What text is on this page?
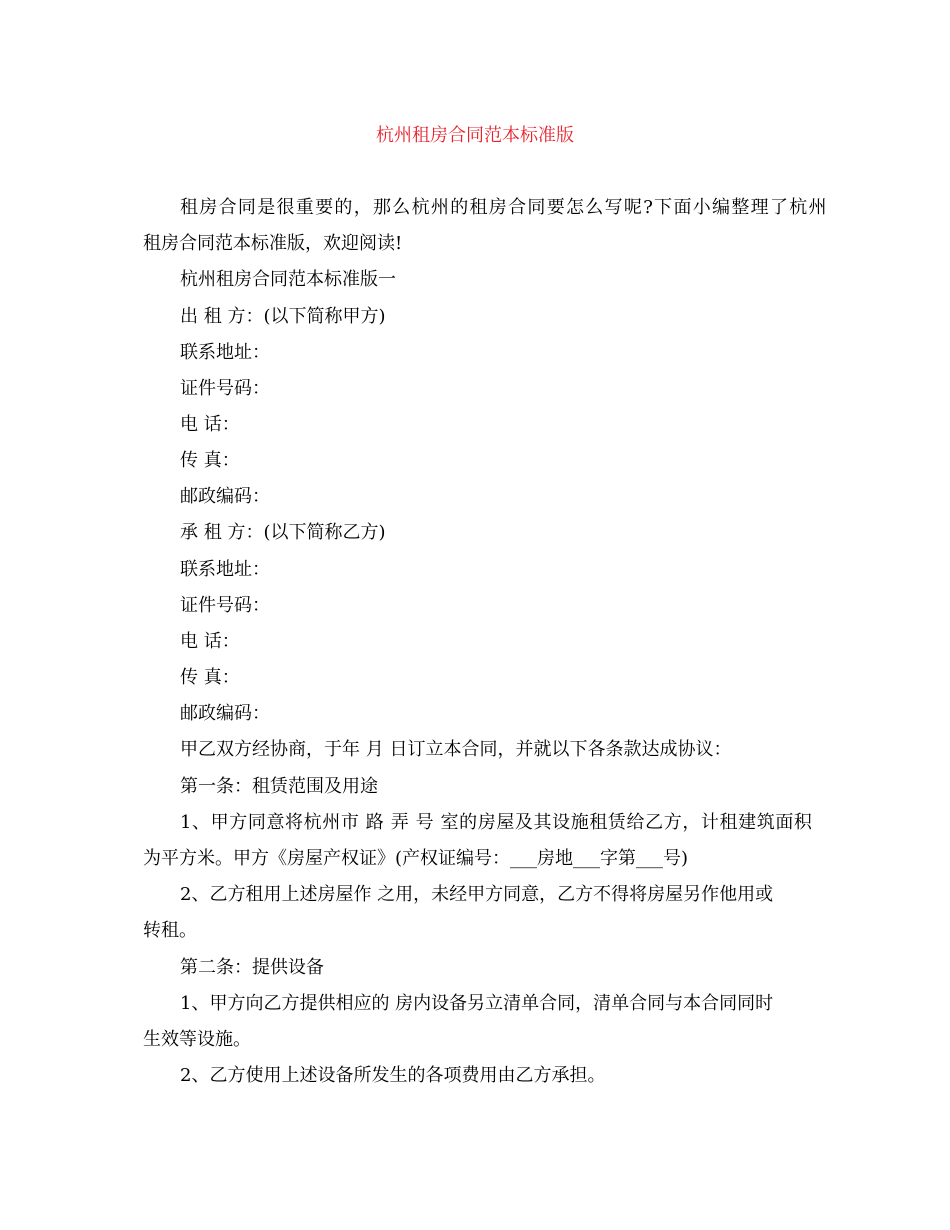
杭州租房合同范本标准版
租房合同是很重要的，那么杭州的租房合同要怎么写呢?下面小编整理了杭州
租房合同范本标准版，欢迎阅读!
杭州租房合同范本标准版一
出 租 方：(以下简称甲方)
联系地址：
证件号码：
电 话：
传 真：
邮政编码：
承 租 方：(以下简称乙方)
联系地址：
证件号码：
电 话：
传 真：
邮政编码：
甲乙双方经协商，于年 月 日订立本合同，并就以下各条款达成协议：
第一条：租赁范围及用途
1、甲方同意将杭州市 路 弄 号 室的房屋及其设施租赁给乙方，计租建筑面积
为平方米。甲方《房屋产权证》(产权证编号：___房地___字第___号)
2、乙方租用上述房屋作 之用，未经甲方同意，乙方不得将房屋另作他用或
转租。
第二条：提供设备
1、甲方向乙方提供相应的 房内设备另立清单合同，清单合同与本合同同时
生效等设施。
2、乙方使用上述设备所发生的各项费用由乙方承担。
